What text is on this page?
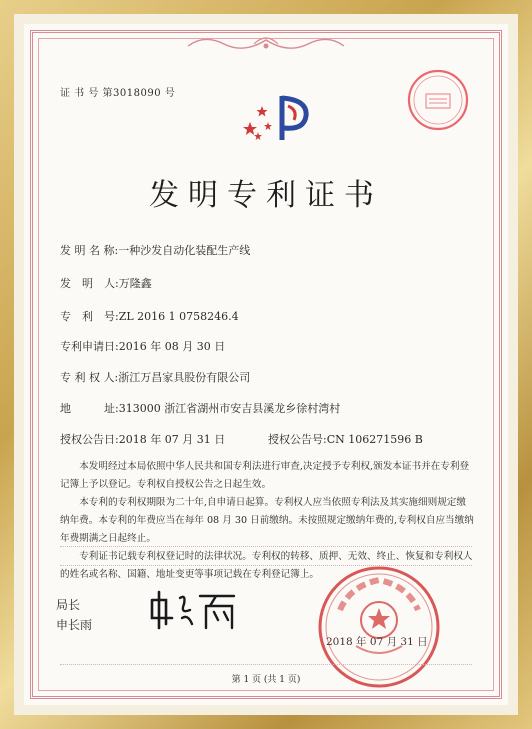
证 书 号 第3018090 号
发明专利证书
发 明 名 称:一种沙发自动化装配生产线
发　明　人:万隆鑫
专　利　号:ZL 2016 1 0758246.4
专利申请日:2016 年 08 月 30 日
专 利 权 人:浙江万昌家具股份有限公司
地　　　址:313000 浙江省湖州市安吉县溪龙乡徐村湾村
授权公告日:2018 年 07 月 31 日	授权公告号:CN 106271596 B

本发明经过本局依照中华人民共和国专利法进行审查,决定授予专利权,颁发本证书并在专利登记簿上予以登记。专利权自授权公告之日起生效。

本专利的专利权期限为二十年,自申请日起算。专利权人应当依照专利法及其实施细则规定缴纳年费。本专利的年费应当在每年 08 月 30 日前缴纳。未按照规定缴纳年费的,专利权自应当缴纳年费期满之日起终止。

专利证书记载专利权登记时的法律状况。专利权的转移、质押、无效、终止、恢复和专利权人的姓名或名称、国籍、地址变更等事项记载在专利登记簿上。

局长
申长雨
2018 年 07 月 31 日
第 1 页 (共 1 页)
